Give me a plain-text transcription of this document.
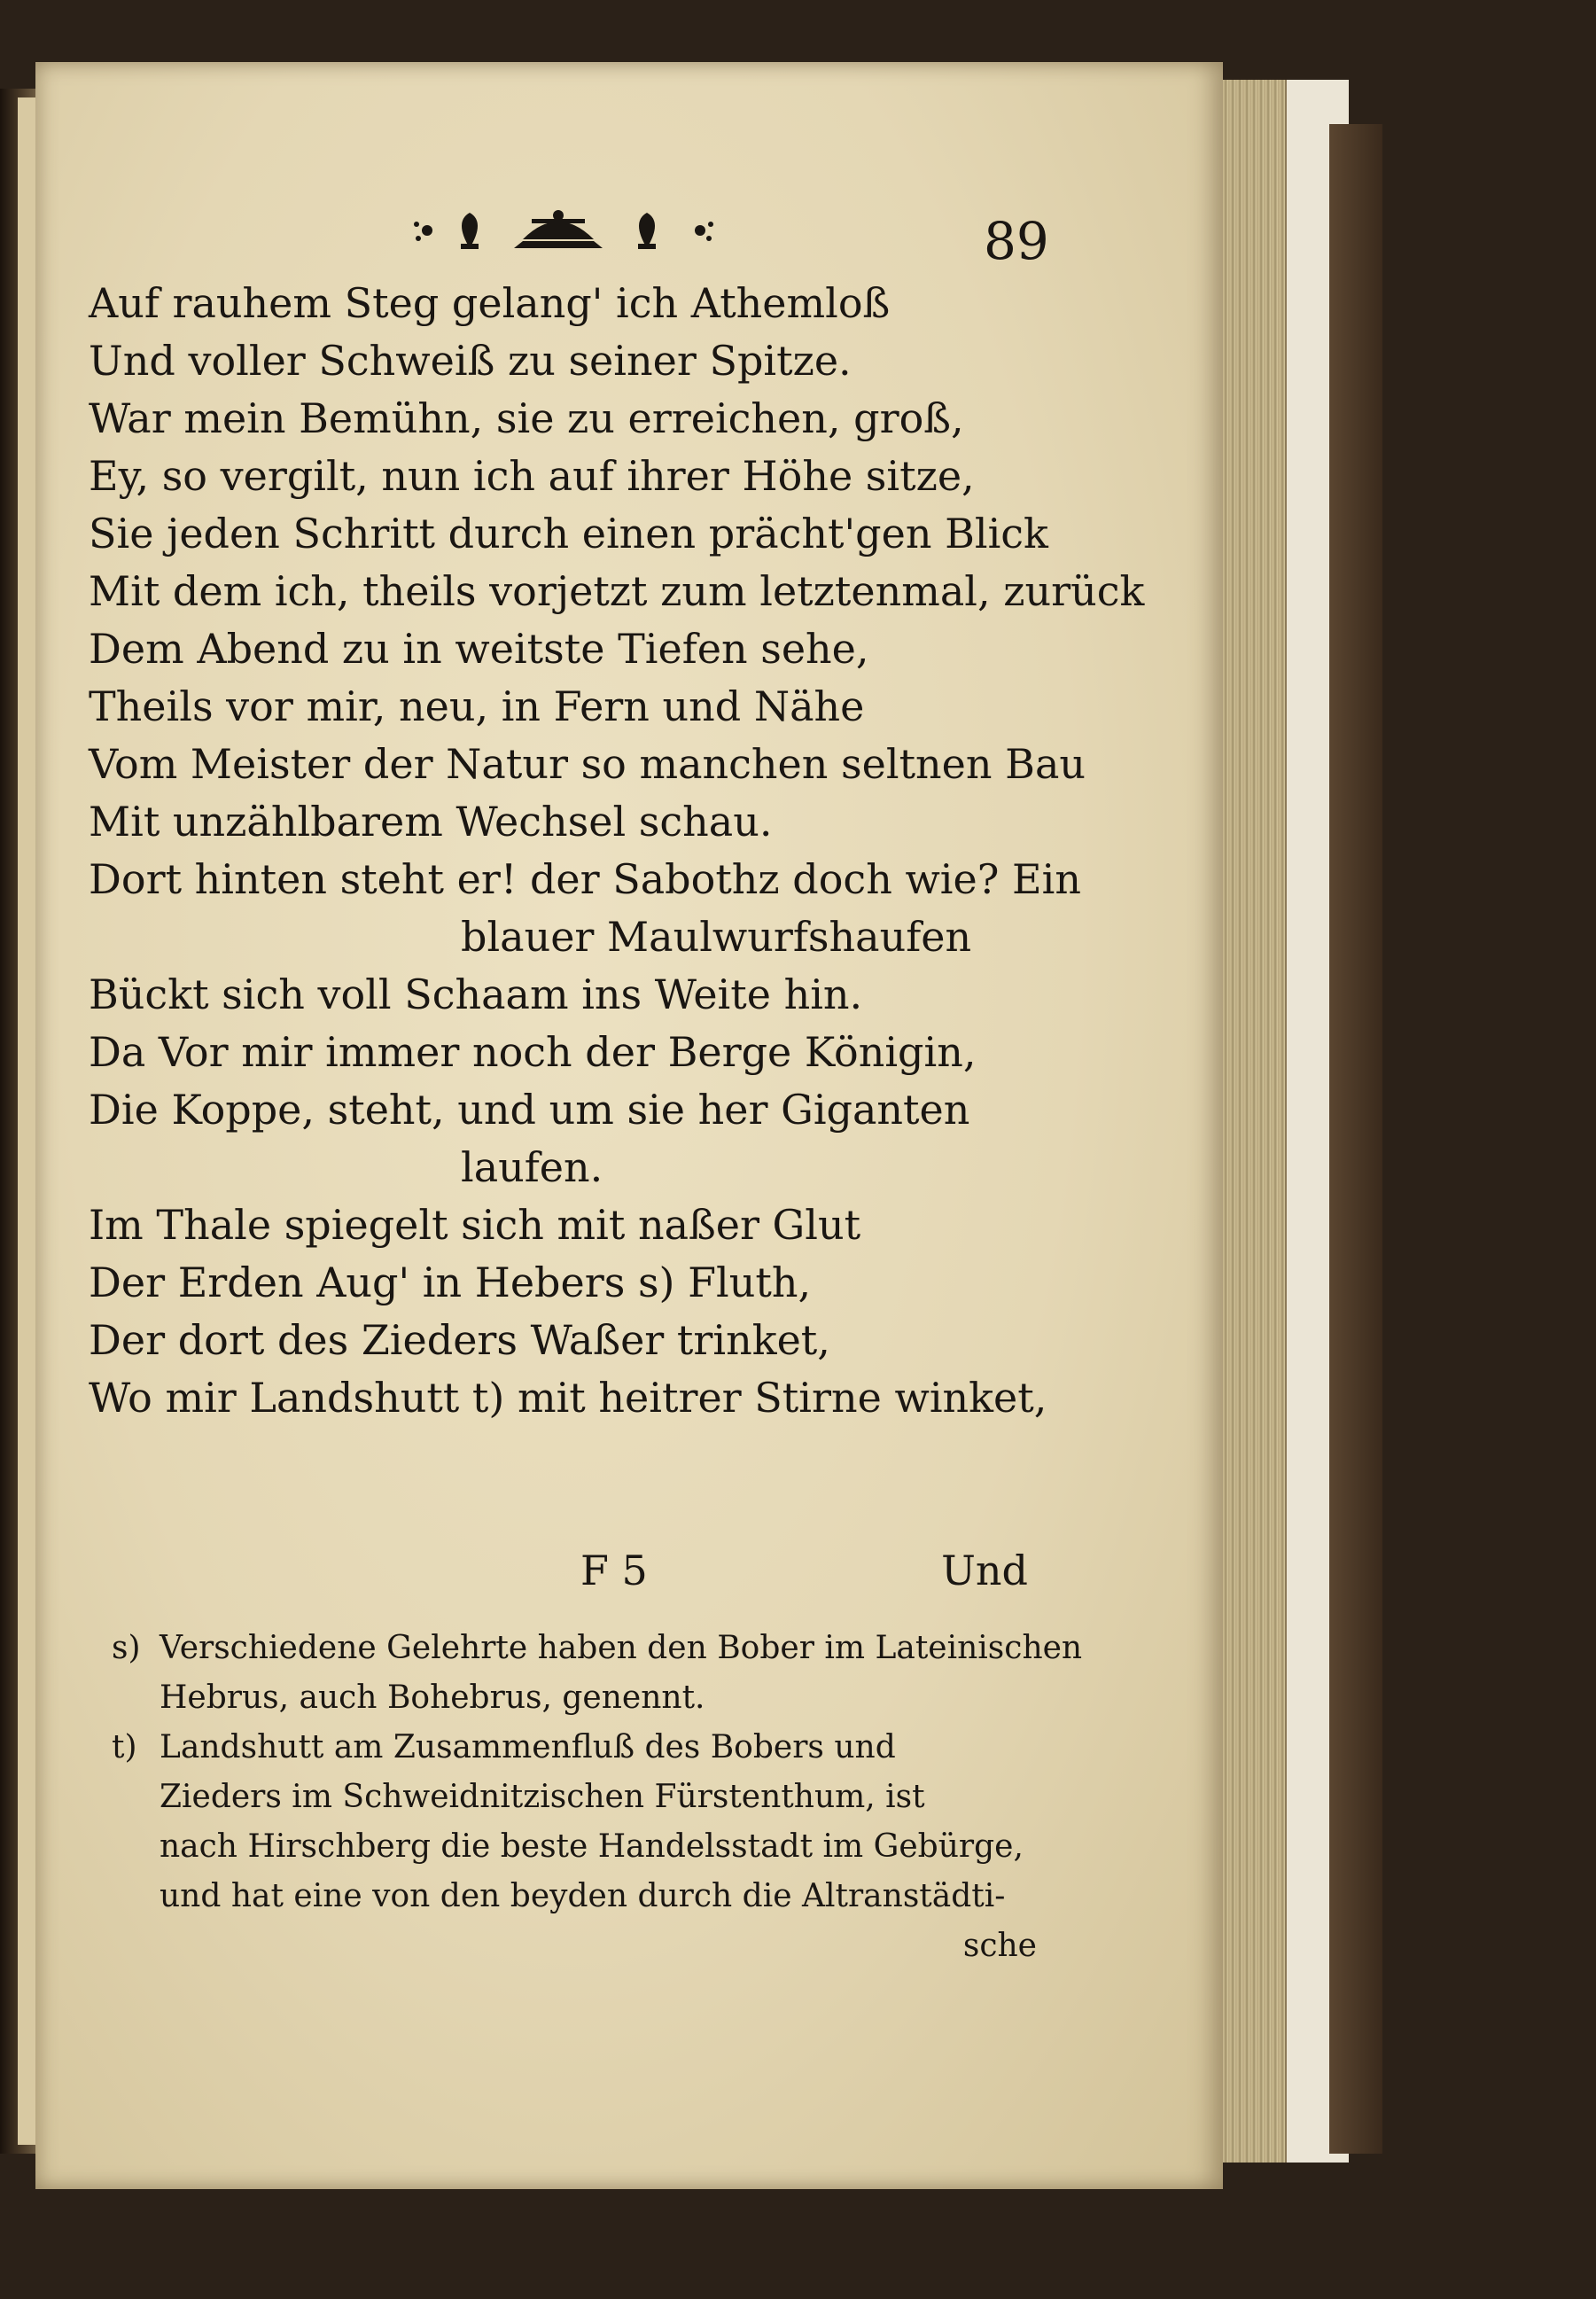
89
Auf rauhem Steg gelang' ich Athemloß
Und voller Schweiß zu seiner Spitze.
War mein Bemühn, sie zu erreichen, groß,
Ey, so vergilt, nun ich auf ihrer Höhe sitze,
Sie jeden Schritt durch einen prächt'gen Blick
Mit dem ich, theils vorjetzt zum letztenmal, zurück
Dem Abend zu in weitste Tiefen sehe,
Theils vor mir, neu, in Fern und Nähe
Vom Meister der Natur so manchen seltnen Bau
Mit unzählbarem Wechsel schau.
Dort hinten steht er! der Sabothz doch wie? Ein
blauer Maulwurfshaufen
Bückt sich voll Schaam ins Weite hin.
Da Vor mir immer noch der Berge Königin,
Die Koppe, steht, und um sie her Giganten
laufen.
Im Thale spiegelt sich mit naßer Glut
Der Erden Aug' in Hebers s) Fluth,
Der dort des Zieders Waßer trinket,
Wo mir Landshutt t) mit heitrer Stirne winket,
F 5	Und
s) Verschiedene Gelehrte haben den Bober im Lateinischen
Hebrus, auch Bohebrus, genennt.
t) Landshutt am Zusammenfluß des Bobers und
Zieders im Schweidnitzischen Fürstenthum, ist
nach Hirschberg die beste Handelsstadt im Gebürge,
und hat eine von den beyden durch die Altranstädti-
sche
